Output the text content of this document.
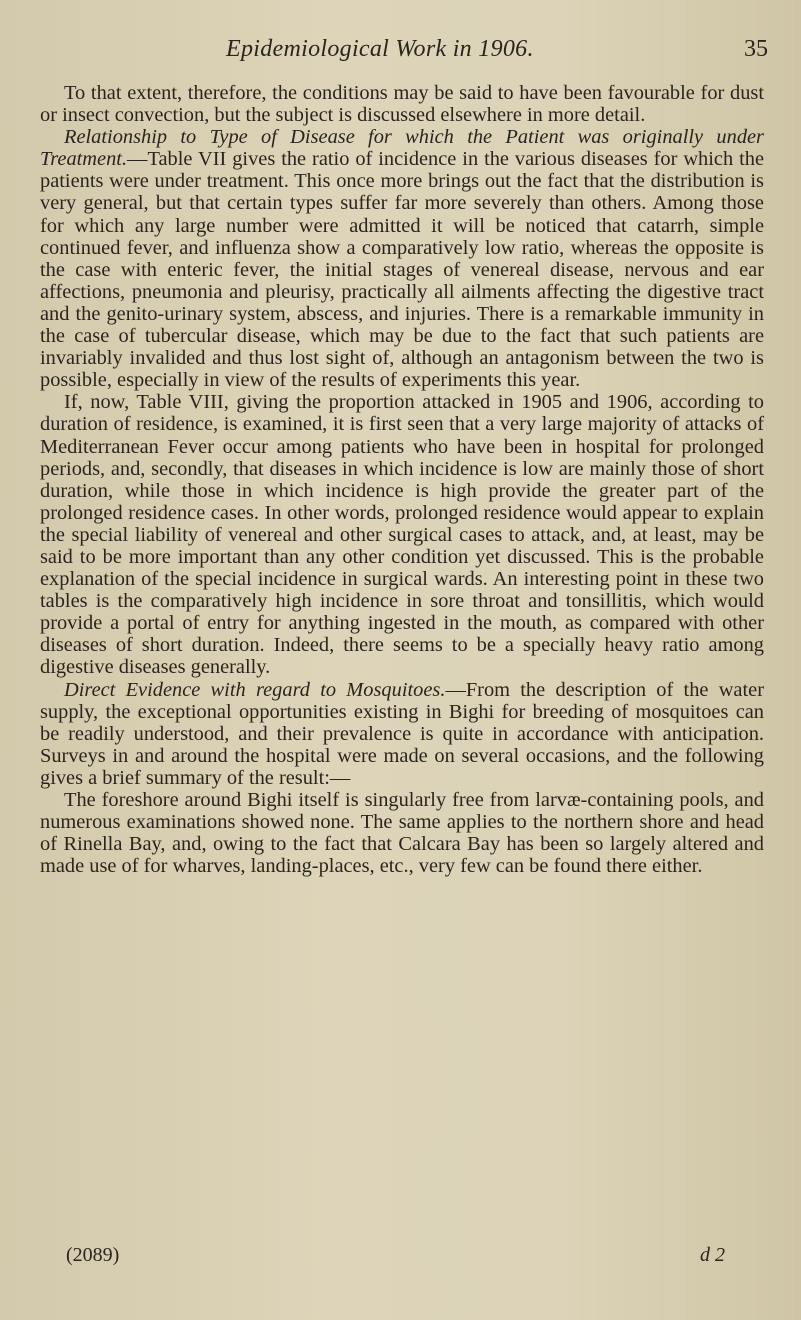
Epidemiological Work in 1906.	35

To that extent, therefore, the conditions may be said to have been favourable for dust or insect convection, but the subject is discussed elsewhere in more detail.

Relationship to Type of Disease for which the Patient was originally under Treatment.—Table VII gives the ratio of incidence in the various diseases for which the patients were under treatment. This once more brings out the fact that the distribution is very general, but that certain types suffer far more severely than others. Among those for which any large number were admitted it will be noticed that catarrh, simple continued fever, and influenza show a comparatively low ratio, whereas the opposite is the case with enteric fever, the initial stages of venereal disease, nervous and ear affections, pneumonia and pleurisy, practically all ailments affecting the digestive tract and the genito-urinary system, abscess, and injuries. There is a remarkable immunity in the case of tubercular disease, which may be due to the fact that such patients are invariably invalided and thus lost sight of, although an antagonism between the two is possible, especially in view of the results of experiments this year.

If, now, Table VIII, giving the proportion attacked in 1905 and 1906, according to duration of residence, is examined, it is first seen that a very large majority of attacks of Mediterranean Fever occur among patients who have been in hospital for prolonged periods, and, secondly, that diseases in which incidence is low are mainly those of short duration, while those in which incidence is high provide the greater part of the prolonged residence cases. In other words, prolonged residence would appear to explain the special liability of venereal and other surgical cases to attack, and, at least, may be said to be more important than any other condition yet discussed. This is the probable explanation of the special incidence in surgical wards. An interesting point in these two tables is the comparatively high incidence in sore throat and tonsillitis, which would provide a portal of entry for anything ingested in the mouth, as compared with other diseases of short duration. Indeed, there seems to be a specially heavy ratio among digestive diseases generally.

Direct Evidence with regard to Mosquitoes.—From the description of the water supply, the exceptional opportunities existing in Bighi for breeding of mosquitoes can be readily understood, and their prevalence is quite in accordance with anticipation. Surveys in and around the hospital were made on several occasions, and the following gives a brief summary of the result:—

The foreshore around Bighi itself is singularly free from larvæ-containing pools, and numerous examinations showed none. The same applies to the northern shore and head of Rinella Bay, and, owing to the fact that Calcara Bay has been so largely altered and made use of for wharves, landing-places, etc., very few can be found there either.

(2089)	d 2
